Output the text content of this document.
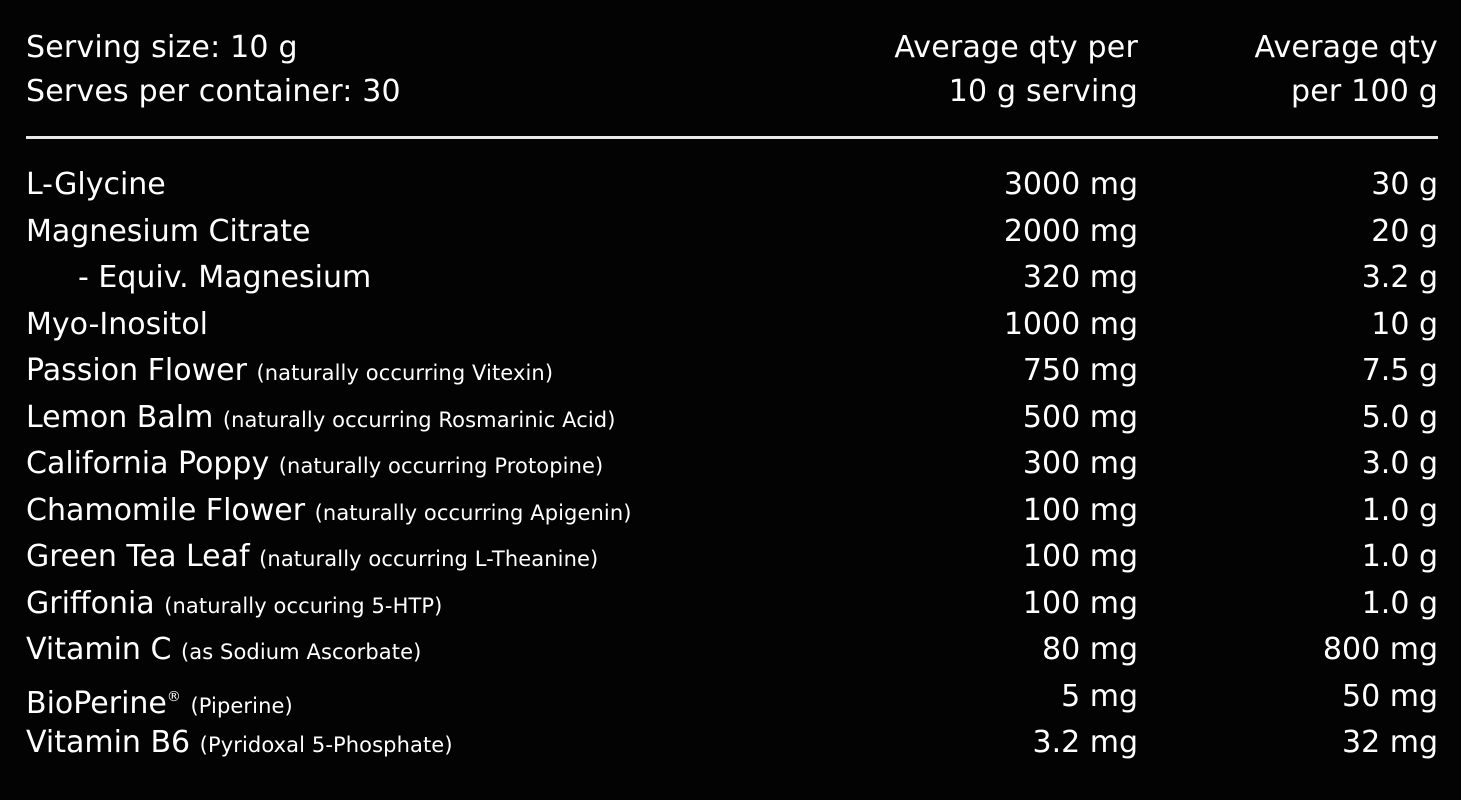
Serving size: 10 g
Serves per container: 30
Average qty per
10 g serving
Average qty
per 100 g
L-Glycine	3000 mg	30 g
Magnesium Citrate	2000 mg	20 g
- Equiv. Magnesium	320 mg	3.2 g
Myo-Inositol	1000 mg	10 g
Passion Flower (naturally occurring Vitexin)	750 mg	7.5 g
Lemon Balm (naturally occurring Rosmarinic Acid)	500 mg	5.0 g
California Poppy (naturally occurring Protopine)	300 mg	3.0 g
Chamomile Flower (naturally occurring Apigenin)	100 mg	1.0 g
Green Tea Leaf (naturally occurring L-Theanine)	100 mg	1.0 g
Griffonia (naturally occuring 5-HTP)	100 mg	1.0 g
Vitamin C (as Sodium Ascorbate)	80 mg	800 mg
BioPerine® (Piperine)	5 mg	50 mg
Vitamin B6 (Pyridoxal 5-Phosphate)	3.2 mg	32 mg
